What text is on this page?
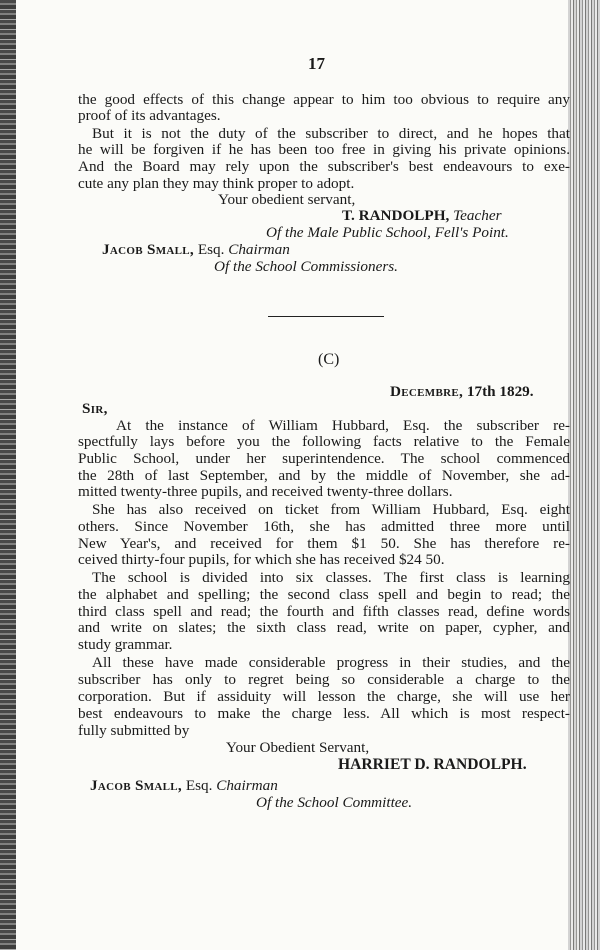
17
the good effects of this change appear to him too obvious to require any
proof of its advantages.
But it is not the duty of the subscriber to direct, and he hopes that
he will be forgiven if he has been too free in giving his private opinions.
And the Board may rely upon the subscriber's best endeavours to exe-
cute any plan they may think proper to adopt.
Your obedient servant,
T. RANDOLPH, Teacher
Of the Male Public School, Fell's Point.
Jacob Small, Esq. Chairman
Of the School Commissioners.
(C)
Decembre, 17th 1829.
Sir,
At the instance of William Hubbard, Esq. the subscriber re-
spectfully lays before you the following facts relative to the Female
Public School, under her superintendence. The school commenced
the 28th of last September, and by the middle of November, she ad-
mitted twenty-three pupils, and received twenty-three dollars.
She has also received on ticket from William Hubbard, Esq. eight
others. Since November 16th, she has admitted three more until
New Year's, and received for them $1 50. She has therefore re-
ceived thirty-four pupils, for which she has received $24 50.
The school is divided into six classes. The first class is learning
the alphabet and spelling; the second class spell and begin to read; the
third class spell and read; the fourth and fifth classes read, define words
and write on slates; the sixth class read, write on paper, cypher, and
study grammar.
All these have made considerable progress in their studies, and the
subscriber has only to regret being so considerable a charge to the
corporation. But if assiduity will lesson the charge, she will use her
best endeavours to make the charge less. All which is most respect-
fully submitted by
Your Obedient Servant,
HARRIET D. RANDOLPH.
Jacob Small, Esq. Chairman
Of the School Committee.
